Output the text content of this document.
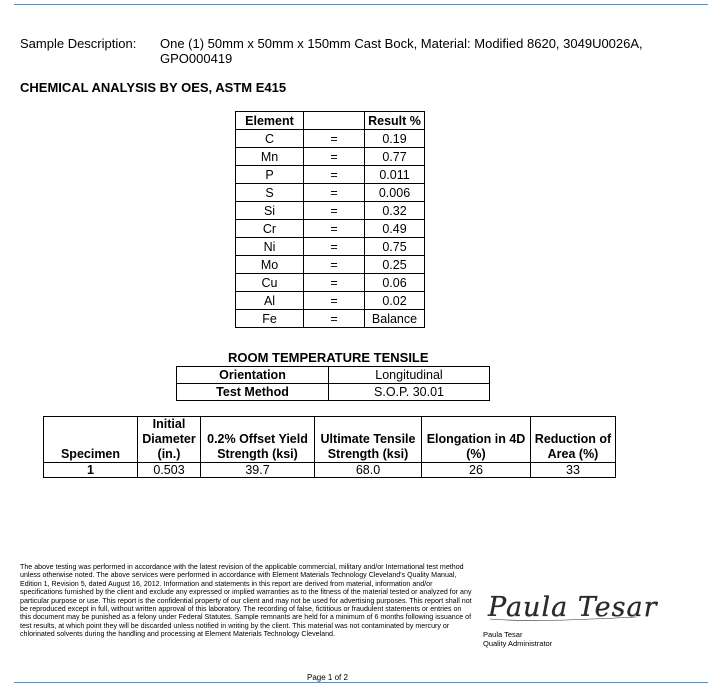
Sample Description: One (1) 50mm x 50mm x 150mm Cast Bock, Material: Modified 8620, 3049U0026A, GPO000419
CHEMICAL ANALYSIS BY OES, ASTM E415
Element		Result %
C	=	0.19
Mn	=	0.77
P	=	0.011
S	=	0.006
Si	=	0.32
Cr	=	0.49
Ni	=	0.75
Mo	=	0.25
Cu	=	0.06
Al	=	0.02
Fe	=	Balance
ROOM TEMPERATURE TENSILE
Orientation	Longitudinal
Test Method	S.O.P. 30.01
Specimen	Initial Diameter (in.)	0.2% Offset Yield Strength (ksi)	Ultimate Tensile Strength (ksi)	Elongation in 4D (%)	Reduction of Area (%)
1	0.503	39.7	68.0	26	33
The above testing was performed in accordance with the latest revision of the applicable commercial, military and/or International test method unless otherwise noted. The above services were performed in accordance with Element Materials Technology Cleveland's Quality Manual, Edition 1, Revision 5, dated August 16, 2012. Information and statements in this report are derived from material, information and/or specifications furnished by the client and exclude any expressed or implied warranties as to the fitness of the material tested or analyzed for any particular purpose or use. This report is the confidential property of our client and may not be used for advertising purposes. This report shall not be reproduced except in full, without written approval of this laboratory. The recording of false, fictitious or fraudulent statements or entries on this document may be punished as a felony under Federal Statutes. Sample remnants are held for a minimum of 6 months following issuance of test results, at which point they will be discarded unless notified in writing by the client. This material was not contaminated by mercury or chlorinated solvents during the handling and processing at Element Materials Technology Cleveland.
Paula Tesar
Paula Tesar
Quality Administrator
Page 1 of 2
